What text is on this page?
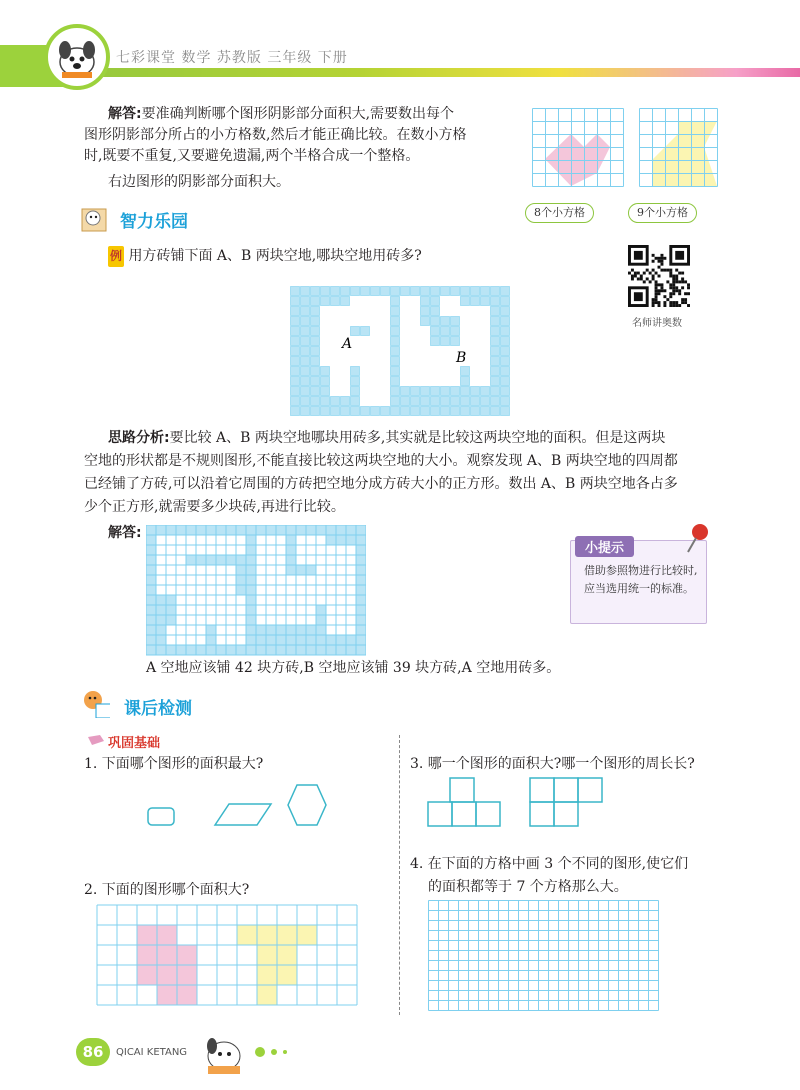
七彩课堂 数学 苏教版 三年级 下册
解答:要准确判断哪个图形阴影部分面积大,需要数出每个
图形阴影部分所占的小方格数,然后才能正确比较。在数小方格
时,既要不重复,又要避免遗漏,两个半格合成一个整格。
右边图形的阴影部分面积大。
8个小方格	9个小方格
智力乐园
例 用方砖铺下面 A、B 两块空地,哪块空地用砖多?
名师讲奥数
A
B
思路分析:要比较 A、B 两块空地哪块用砖多,其实就是比较这两块空地的面积。但是这两块
空地的形状都是不规则图形,不能直接比较这两块空地的大小。观察发现 A、B 两块空地的四周都
已经铺了方砖,可以沿着它周围的方砖把空地分成方砖大小的正方形。数出 A、B 两块空地各占多
少个正方形,就需要多少块砖,再进行比较。
解答:
A 空地应该铺 42 块方砖,B 空地应该铺 39 块方砖,A 空地用砖多。
小提示
借助参照物进行比较时,应当选用统一的标准。
课后检测
巩固基础
1. 下面哪个图形的面积最大?
2. 下面的图形哪个面积大?
3. 哪一个图形的面积大?哪一个图形的周长长?
4. 在下面的方格中画 3 个不同的图形,使它们
的面积都等于 7 个方格那么大。
86	QICAI KETANG
